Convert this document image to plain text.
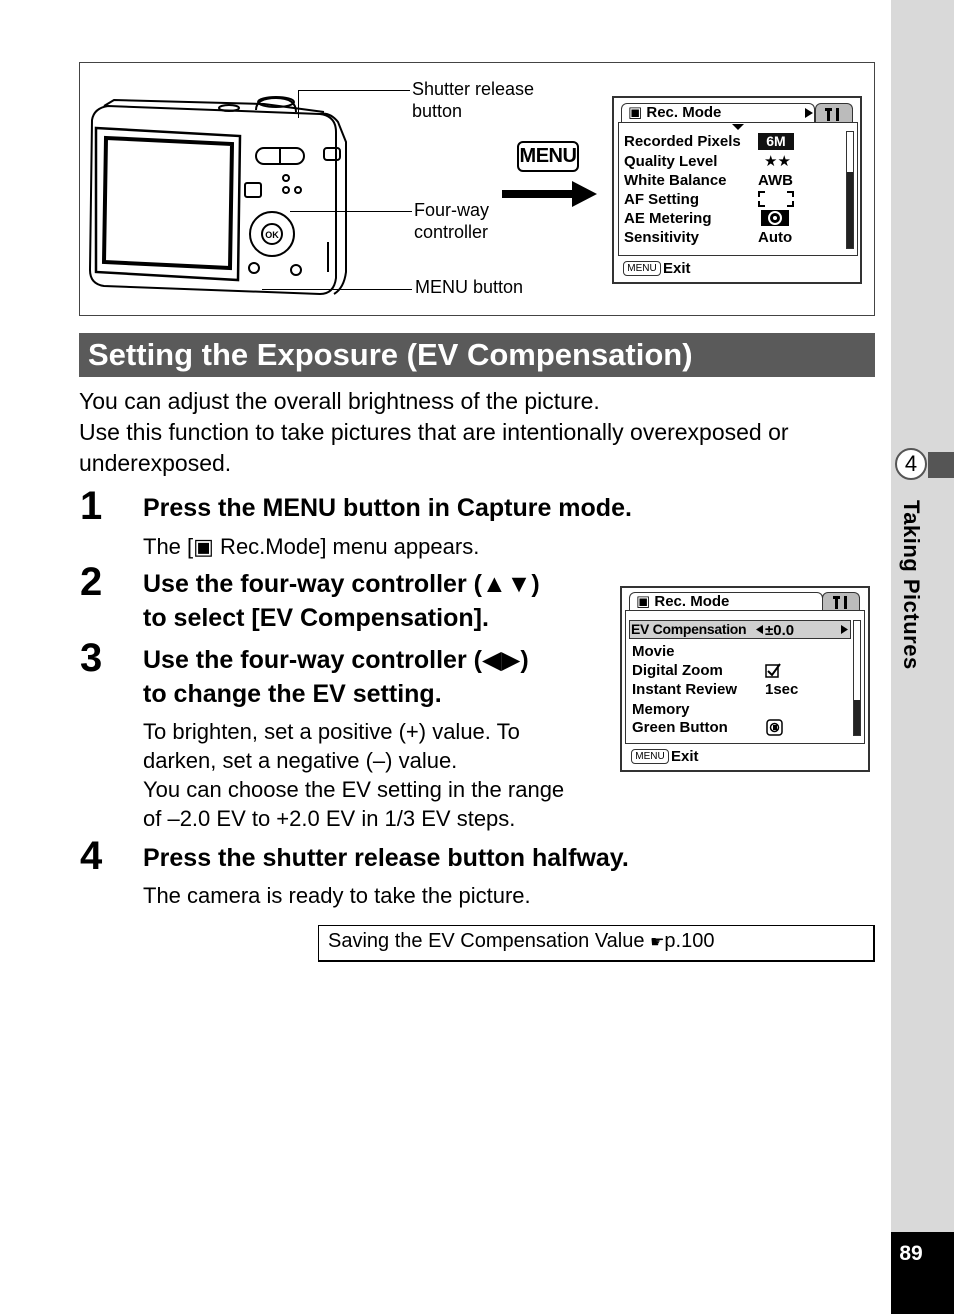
4
Taking Pictures
89
OK
Shutter release
button
Four-way
controller
MENU button
MENU
▣ Rec. Mode
Recorded Pixels
Quality Level
White Balance
AF Setting
AE Metering
Sensitivity
6M
★★
AWB
Auto
MENU Exit
Setting the Exposure (EV Compensation)
You can adjust the overall brightness of the picture.
Use this function to take pictures that are intentionally overexposed or
underexposed.
1 Press the MENU button in Capture mode.
The [▣ Rec.Mode] menu appears.
2 Use the four-way controller (▲▼)
to select [EV Compensation].
3 Use the four-way controller (◀▶)
to change the EV setting.
To brighten, set a positive (+) value. To
darken, set a negative (–) value.
You can choose the EV setting in the range
of –2.0 EV to +2.0 EV in 1/3 EV steps.
4 Press the shutter release button halfway.
The camera is ready to take the picture.
▣ Rec. Mode
EV Compensation ±0.0
Movie
Digital Zoom
Instant Review
Memory
Green Button
1sec
MENU Exit
Saving the EV Compensation Value ☛p.100
